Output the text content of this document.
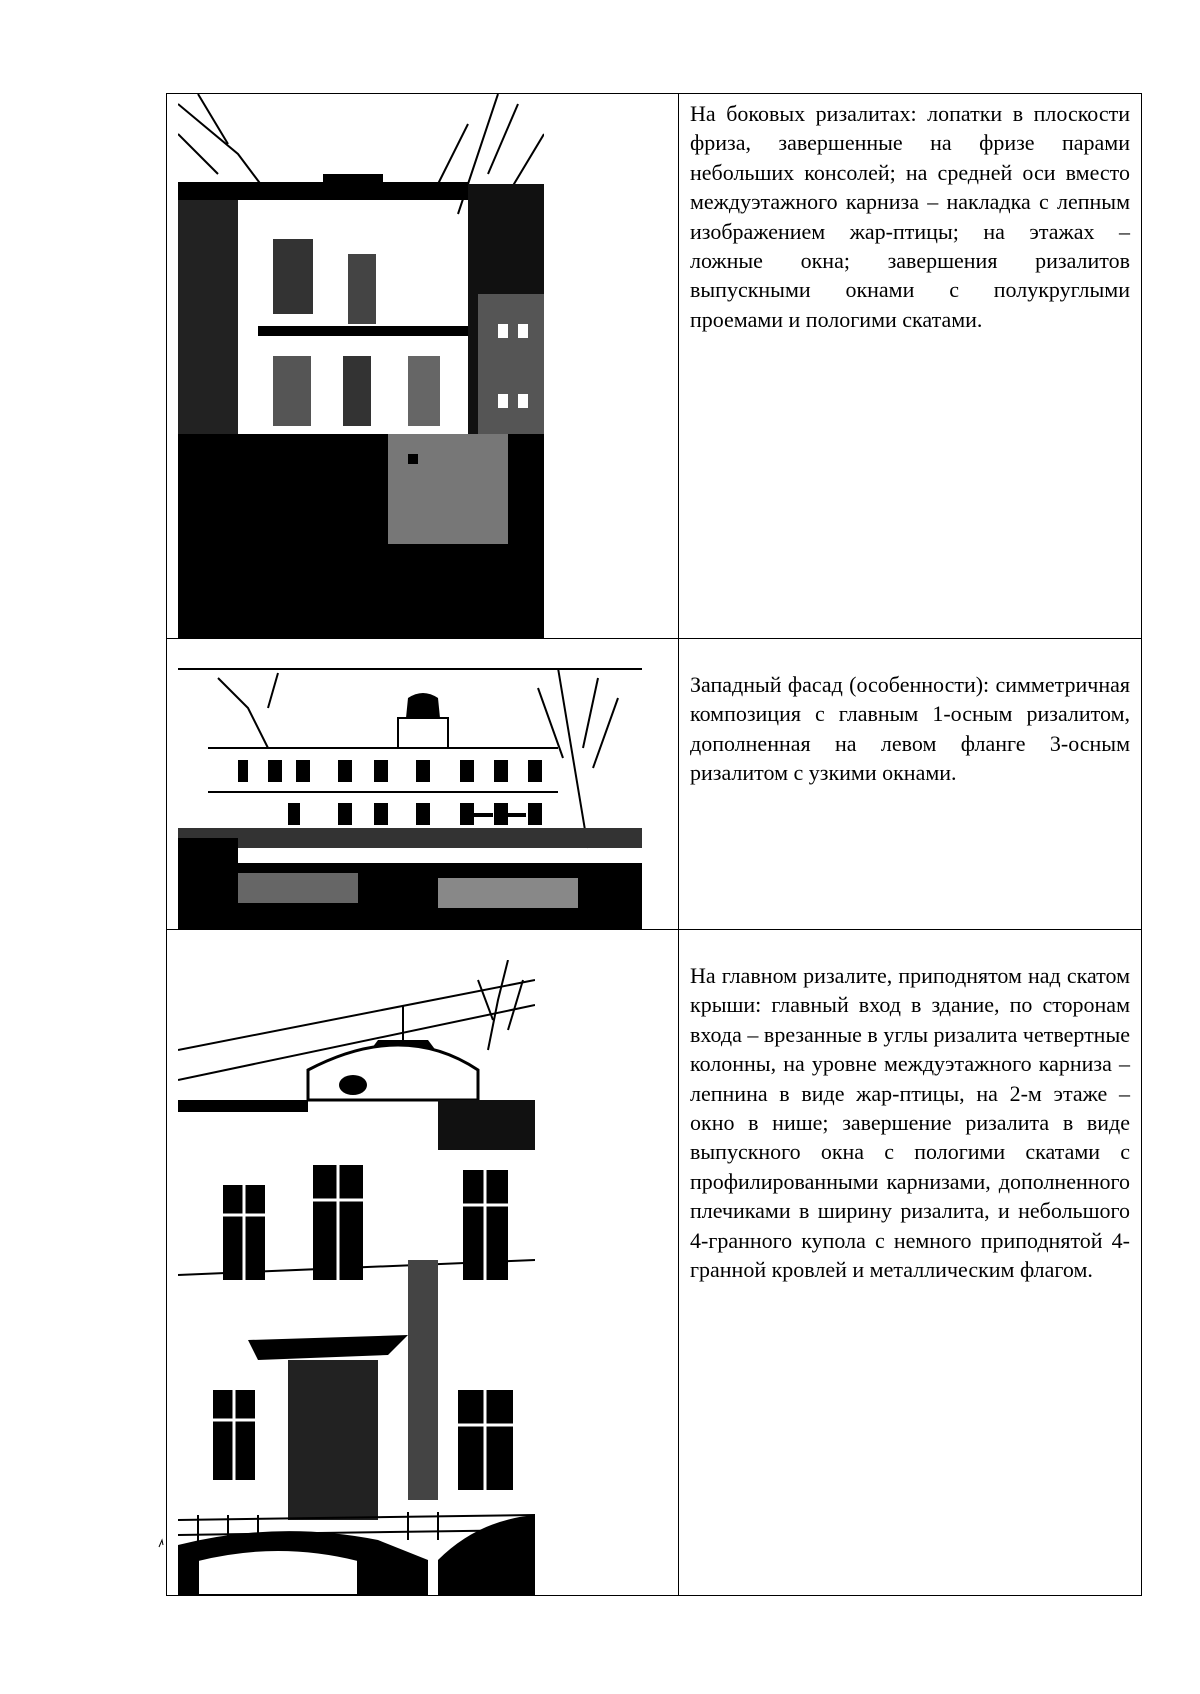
На боковых ризалитах: лопатки в плоскости фриза, завершенные на фризе парами небольших консолей; на средней оси вместо междуэтажного карниза – накладка с лепным изображением жар-птицы; на этажах – ложные окна; завершения ризалитов выпускными окнами с полукруглыми проемами и пологими скатами.

Западный фасад (особенности): симметричная композиция с главным 1-осным ризалитом, дополненная на левом фланге 3-осным ризалитом с узкими окнами.

На главном ризалите, приподнятом над скатом крыши: главный вход в здание, по сторонам входа – врезанные в углы ризалита четвертные колонны, на уровне междуэтажного карниза – лепнина в виде жар-птицы, на 2-м этаже – окно в нише; завершение ризалита в виде выпускного окна с пологими скатами с профилированными карнизами, дополненного плечиками в ширину ризалита, и небольшого 4-гранного купола с немного приподнятой 4-гранной кровлей и металлическим флагом.
